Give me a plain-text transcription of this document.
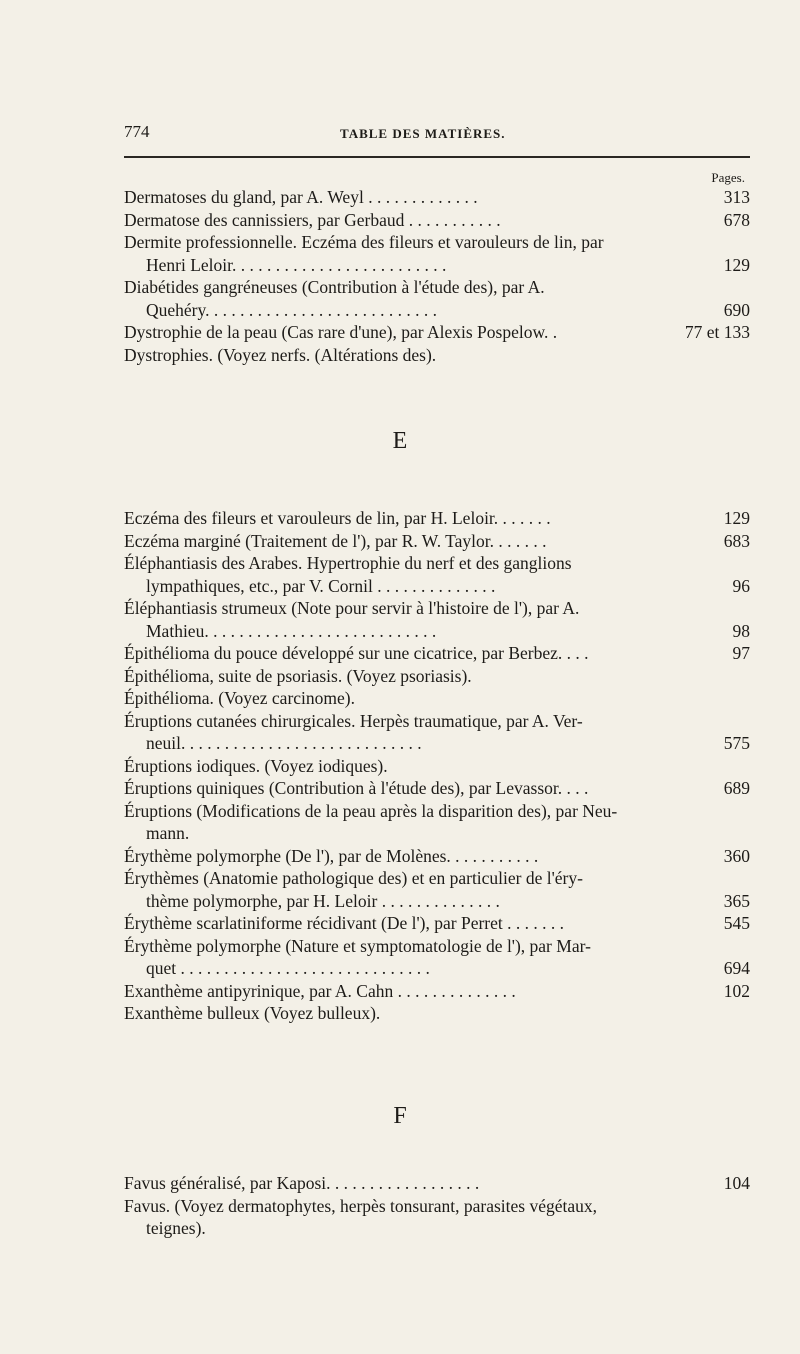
774	TABLE DES MATIÈRES.
Pages.
Dermatoses du gland, par A. Weyl . . . . . . . . . . . . .	313
Dermatose des cannissiers, par Gerbaud . . . . . . . . . . .	678
Dermite professionnelle. Eczéma des fileurs et varouleurs de lin, par
Henri Leloir. . . . . . . . . . . . . . . . . . . . . . . . .	129
Diabétides gangréneuses (Contribution à l'étude des), par A.
Quehéry. . . . . . . . . . . . . . . . . . . . . . . . . . .	690
Dystrophie de la peau (Cas rare d'une), par Alexis Pospelow. .	77 et 133
Dystrophies. (Voyez nerfs. (Altérations des).
E
Eczéma des fileurs et varouleurs de lin, par H. Leloir. . . . . . .	129
Eczéma marginé (Traitement de l'), par R. W. Taylor. . . . . . .	683
Éléphantiasis des Arabes. Hypertrophie du nerf et des ganglions
lympathiques, etc., par V. Cornil . . . . . . . . . . . . . .	96
Éléphantiasis strumeux (Note pour servir à l'histoire de l'), par A.
Mathieu. . . . . . . . . . . . . . . . . . . . . . . . . . .	98
Épithélioma du pouce développé sur une cicatrice, par Berbez. . . .	97
Épithélioma, suite de psoriasis. (Voyez psoriasis).
Épithélioma. (Voyez carcinome).
Éruptions cutanées chirurgicales. Herpès traumatique, par A. Ver-
neuil. . . . . . . . . . . . . . . . . . . . . . . . . . . .	575
Éruptions iodiques. (Voyez iodiques).
Éruptions quiniques (Contribution à l'étude des), par Levassor. . . .	689
Éruptions (Modifications de la peau après la disparition des), par Neu-
mann.
Érythème polymorphe (De l'), par de Molènes. . . . . . . . . . .	360
Érythèmes (Anatomie pathologique des) et en particulier de l'éry-
thème polymorphe, par H. Leloir . . . . . . . . . . . . . .	365
Érythème scarlatiniforme récidivant (De l'), par Perret . . . . . . .	545
Érythème polymorphe (Nature et symptomatologie de l'), par Mar-
quet . . . . . . . . . . . . . . . . . . . . . . . . . . . . .	694
Exanthème antipyrinique, par A. Cahn . . . . . . . . . . . . . .	102
Exanthème bulleux (Voyez bulleux).
F
Favus généralisé, par Kaposi. . . . . . . . . . . . . . . . . .	104
Favus. (Voyez dermatophytes, herpès tonsurant, parasites végétaux,
teignes).
